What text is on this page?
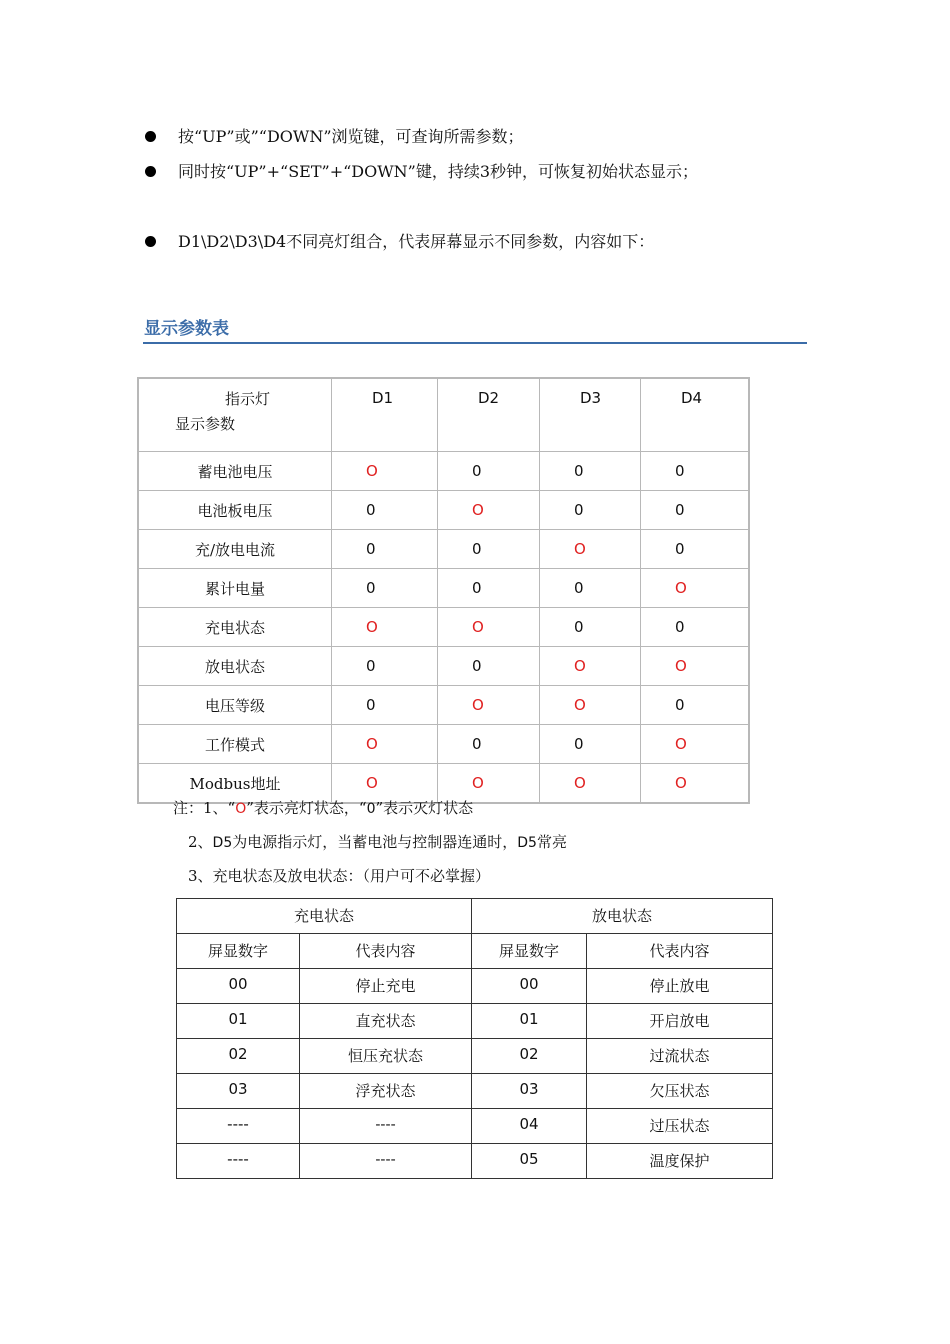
按“UP”或”“DOWN”浏览键，可查询所需参数；
同时按“UP”+“SET”+“DOWN”键，持续3秒钟，可恢复初始状态显示；
D1\D2\D3\D4不同亮灯组合，代表屏幕显示不同参数，内容如下：
显示参数表
指示灯
显示参数	D1	D2	D3	D4
蓄电池电压	O	0	0	0
电池板电压	0	O	0	0
充/放电电流	0	0	O	0
累计电量	0	0	0	O
充电状态	O	O	0	0
放电状态	0	0	O	O
电压等级	0	O	O	0
工作模式	O	0	0	O
Modbus地址	O	O	O	O
注：1、“O”表示亮灯状态，“0”表示灭灯状态
2、D5为电源指示灯，当蓄电池与控制器连通时，D5常亮
3、充电状态及放电状态：（用户可不必掌握）
充电状态		放电状态	
屏显数字	代表内容	屏显数字	代表内容
00	停止充电	00	停止放电
01	直充状态	01	开启放电
02	恒压充状态	02	过流状态
03	浮充状态	03	欠压状态
----	----	04	过压状态
----	----	05	温度保护
